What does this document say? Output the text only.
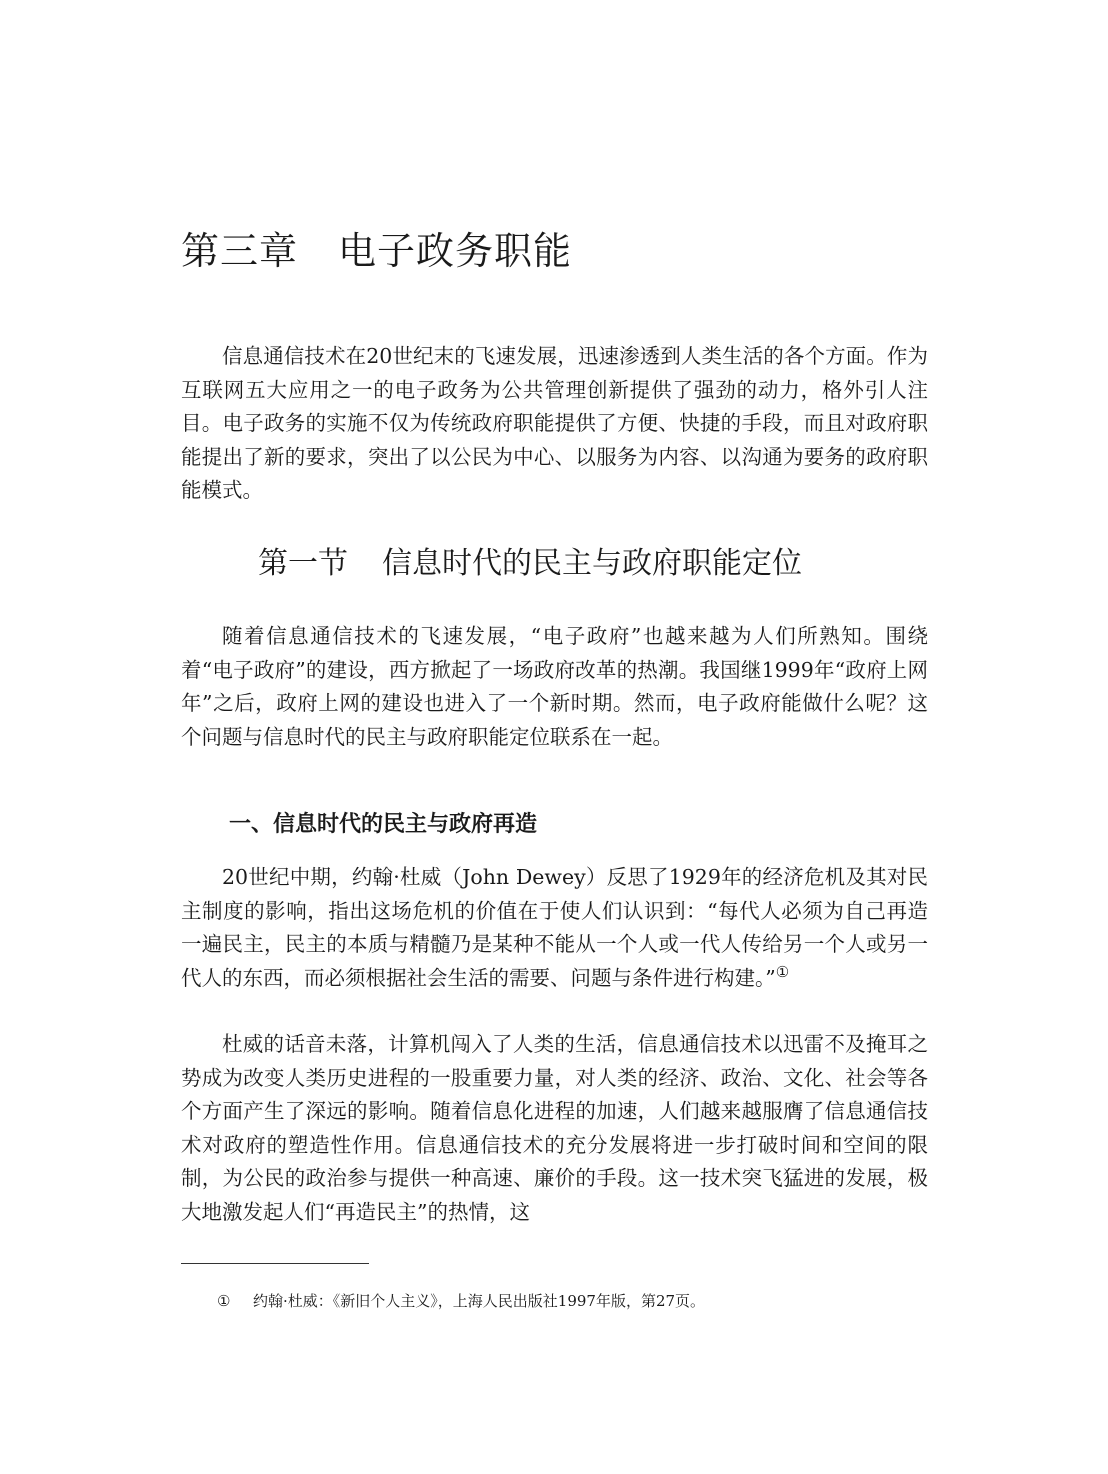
第三章 电子政务职能

信息通信技术在20世纪末的飞速发展，迅速渗透到人类生活的各个方面。作为互联网五大应用之一的电子政务为公共管理创新提供了强劲的动力，格外引人注目。电子政务的实施不仅为传统政府职能提供了方便、快捷的手段，而且对政府职能提出了新的要求，突出了以公民为中心、以服务为内容、以沟通为要务的政府职能模式。

第一节 信息时代的民主与政府职能定位

随着信息通信技术的飞速发展，“电子政府”也越来越为人们所熟知。围绕着“电子政府”的建设，西方掀起了一场政府改革的热潮。我国继1999年“政府上网年”之后，政府上网的建设也进入了一个新时期。然而，电子政府能做什么呢？这个问题与信息时代的民主与政府职能定位联系在一起。

一、信息时代的民主与政府再造

20世纪中期，约翰·杜威（John Dewey）反思了1929年的经济危机及其对民主制度的影响，指出这场危机的价值在于使人们认识到：“每代人必须为自己再造一遍民主，民主的本质与精髓乃是某种不能从一个人或一代人传给另一个人或另一代人的东西，而必须根据社会生活的需要、问题与条件进行构建。”①

杜威的话音未落，计算机闯入了人类的生活，信息通信技术以迅雷不及掩耳之势成为改变人类历史进程的一股重要力量，对人类的经济、政治、文化、社会等各个方面产生了深远的影响。随着信息化进程的加速，人们越来越服膺了信息通信技术对政府的塑造性作用。信息通信技术的充分发展将进一步打破时间和空间的限制，为公民的政治参与提供一种高速、廉价的手段。这一技术突飞猛进的发展，极大地激发起人们“再造民主”的热情，这

① 约翰·杜威：《新旧个人主义》，上海人民出版社1997年版，第27页。
